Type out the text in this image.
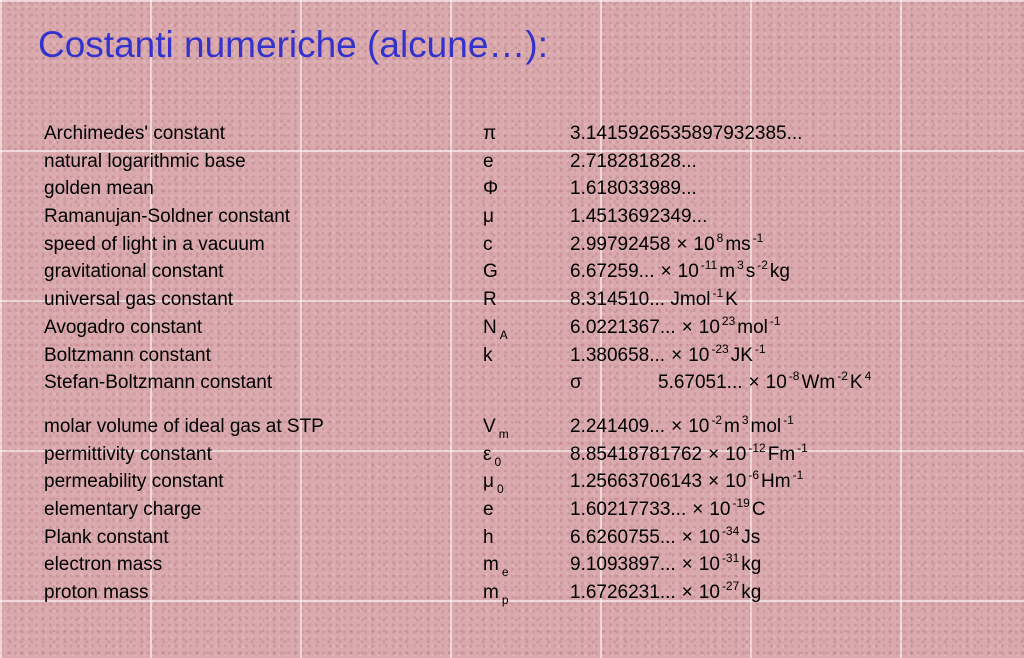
Costanti numeriche (alcune…):
Archimedes' constant	π	3.1415926535897932385...
natural logarithmic base	e	2.718281828...
golden mean	Φ	1.618033989...
Ramanujan-Soldner constant	μ	1.4513692349...
speed of light in a vacuum	c	2.99792458 × 10 $^8$ ms $^{-1}$
gravitational constant	G	6.67259... × 10 $^{-11}$ m $^3$ s $^{-2}$ kg
universal gas constant	R	8.314510... Jmol $^{-1}$ K
Avogadro constant	N $_A$	6.0221367... × 10 $^{23}$ mol $^{-1}$
Boltzmann constant	k	1.380658... × 10 $^{-23}$ JK $^{-1}$
Stefan-Boltzmann constant	σ	5.67051... × 10 $^{-8}$ Wm $^{-2}$ K $^4$
molar volume of ideal gas at STP	V $_m$	2.241409... × 10 $^{-2}$ m $^3$ mol $^{-1}$
permittivity constant	ε $_0$	8.85418781762 × 10 $^{-12}$ Fm $^{-1}$
permeability constant	μ $_0$	1.25663706143 × 10 $^{-6}$ Hm $^{-1}$
elementary charge	e	1.60217733... × 10 $^{-19}$ C
Plank constant	h	6.6260755... × 10 $^{-34}$ Js
electron mass	m $_e$	9.1093897... × 10 $^{-31}$ kg
proton mass	m $_p$	1.6726231... × 10 $^{-27}$ kg
